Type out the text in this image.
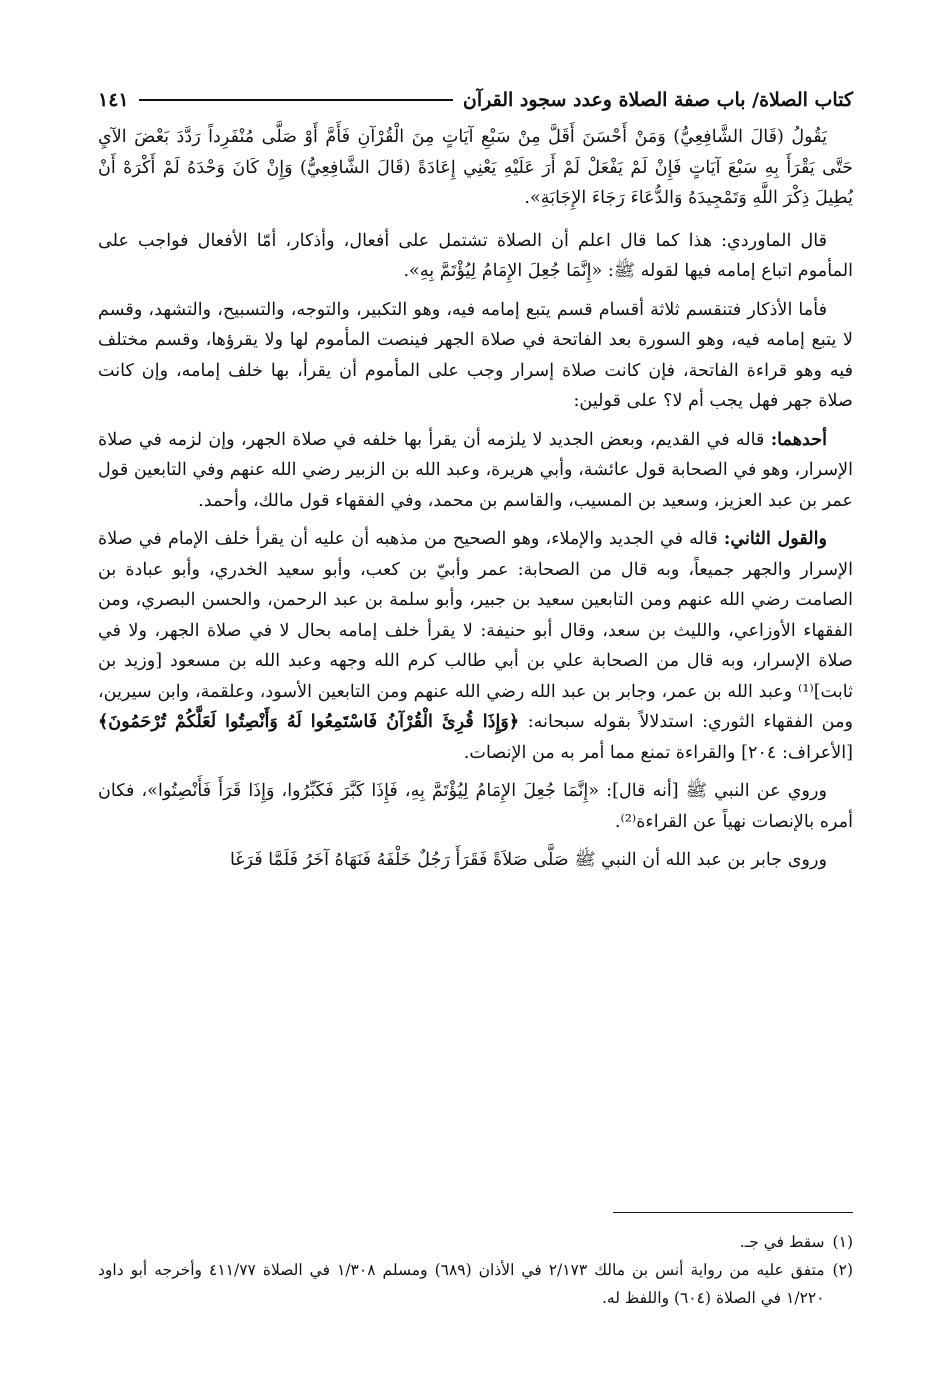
كتاب الصلاة/ باب صفة الصلاة وعدد سجود القرآن
١٤١

يَقُولُ (قَالَ الشَّافِعِيُّ) وَمَنْ أَحْسَنَ أَقَلَّ مِنْ سَبْعِ آيَاتٍ مِنَ الْقُرْآنِ فَأَمَّ أَوْ صَلَّى مُنْفَرِداً رَدَّدَ بَعْضَ الآيِ حَتَّى يَقْرَأَ بِهِ سَبْعَ آيَاتٍ فَإِنْ لَمْ يَفْعَلْ لَمْ أَرَ عَلَيْهِ يَعْنِي إِعَادَةً (قَالَ الشَّافِعِيُّ) وَإِنْ كَانَ وَحْدَهُ لَمْ أَكْرَهْ أَنْ يُطِيلَ ذِكْرَ اللَّهِ وَتَمْجِيدَهُ وَالدُّعَاءَ رَجَاءَ الإِجَابَةِ».

قال الماوردي: هذا كما قال اعلم أن الصلاة تشتمل على أفعال، وأذكار، أمّا الأفعال فواجب على المأموم اتباع إمامه فيها لقوله ﷺ: «إِنَّمَا جُعِلَ الإِمَامُ لِيُؤْتَمَّ بِهِ».

فأما الأذكار فتنقسم ثلاثة أقسام قسم يتبع إمامه فيه، وهو التكبير، والتوجه، والتسبيح، والتشهد، وقسم لا يتبع إمامه فيه، وهو السورة بعد الفاتحة في صلاة الجهر فينصت المأموم لها ولا يقرؤها، وقسم مختلف فيه وهو قراءة الفاتحة، فإن كانت صلاة إسرار وجب على المأموم أن يقرأ، بها خلف إمامه، وإن كانت صلاة جهر فهل يجب أم لا؟ على قولين:

أحدهما: قاله في القديم، وبعض الجديد لا يلزمه أن يقرأ بها خلفه في صلاة الجهر، وإن لزمه في صلاة الإسرار، وهو في الصحابة قول عائشة، وأبي هريرة، وعبد الله بن الزبير رضي الله عنهم وفي التابعين قول عمر بن عبد العزيز، وسعيد بن المسيب، والقاسم بن محمد، وفي الفقهاء قول مالك، وأحمد.

والقول الثاني: قاله في الجديد والإملاء، وهو الصحيح من مذهبه أن عليه أن يقرأ خلف الإمام في صلاة الإسرار والجهر جميعاً، وبه قال من الصحابة: عمر وأبيّ بن كعب، وأبو سعيد الخدري، وأبو عبادة بن الصامت رضي الله عنهم ومن التابعين سعيد بن جبير، وأبو سلمة بن عبد الرحمن، والحسن البصري، ومن الفقهاء الأوزاعي، والليث بن سعد، وقال أبو حنيفة: لا يقرأ خلف إمامه بحال لا في صلاة الجهر، ولا في صلاة الإسرار، وبه قال من الصحابة علي بن أبي طالب كرم الله وجهه وعبد الله بن مسعود [وزيد بن ثابت]⁽¹⁾ وعبد الله بن عمر، وجابر بن عبد الله رضي الله عنهم ومن التابعين الأسود، وعلقمة، وابن سيرين، ومن الفقهاء الثوري: استدلالاً بقوله سبحانه: ﴿وَإِذَا قُرِئَ الْقُرْآنُ فَاسْتَمِعُوا لَهُ وَأَنْصِتُوا لَعَلَّكُمْ تُرْحَمُونَ﴾ [الأعراف: ٢٠٤] والقراءة تمنع مما أمر به من الإنصات.

وروي عن النبي ﷺ [أنه قال]: «إِنَّمَا جُعِلَ الإِمَامُ لِيُؤْتَمَّ بِهِ، فَإِذَا كَبَّرَ فَكَبِّرُوا، وَإِذَا قَرَأَ فَأَنْصِتُوا»، فكان أمره بالإنصات نهياً عن القراءة⁽²⁾.

وروى جابر بن عبد الله أن النبي ﷺ صَلَّى صَلاَةً فَقَرَأَ رَجُلٌ خَلْفَهُ فَنَهَاهُ آخَرُ فَلَمَّا فَرَغَا

(١)
سقط في جـ.
(٢)
متفق عليه من رواية أنس بن مالك ٢/١٧٣ في الأذان (٦٨٩) ومسلم ١/٣٠٨ في الصلاة ٤١١/٧٧ وأخرجه أبو داود ١/٢٢٠ في الصلاة (٦٠٤) واللفظ له.
